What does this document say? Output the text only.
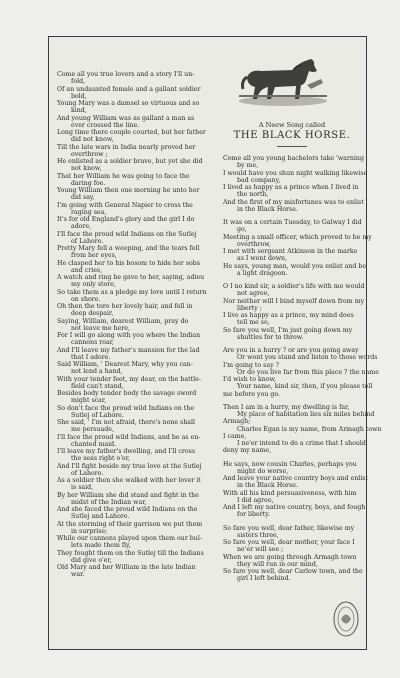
Come all you true lovers and a story I'll un-
fold,
Of an undaunted female and a gallant soldier
bold,
Young Mary was a damsel so virtuous and so
kind,
And young William was as gallant a man as
ever crossed the line.
Long time there couple courted, but her father
did not know,
Till the late wars in India nearly proved her
overthrow ;
He enlisted as a soldier brave, but yet she did
not know,
That her William he was going to face the
daring foe.
Young William then one morning he unto her
did say,
I'm going with General Napier to cross the
raging sea,
It's for old England's glory and the girl I do
adore,
I'll face the proud wild Indians on the Sutlej
of Lahore.
Pretty Mary fell a weeping, and the tears fell
from her eyes,
He clasped her to his bosom to hide her sobs
and cries,
A watch and ring he gave to her, saying, adieu
my only store,
So take them as a pledge my love until I return
on shore.
Oh then the tore her lovely hair, and fell in
deep despair,
Saying, William, dearest William, pray do
not leave me here,
For I will go along with you where the Indian
cannons roar,
And I'll leave my father's mansion for the lad
that I adore.
Said William, ' Dearest Mary, why you can-
not lend a hand,
With your tender feet, my dear, on the battle-
field can't stand,
Besides body tender body the savage sword
might scar,
So don't face the proud wild Indians on the
Sutlej of Lahore.
She said, ' I'm not afraid, there's none shall
me persuade,
I'll face the proud wild Indians, and be as en-
chanted maid.
I'll leave my father's dwelling, and I'll cross
the seas right o'er,
And I'll fight beside my true love at the Sutlej
of Lahore.
As a soldier then she walked with her lover it
is said,
By her William she did stand and fight in the
midst of the Indian war,
And she faced the proud wild Indians on the
Sutlej and Lahore.
At the storming of their garrison we put them
in surprise;
While our cannons played upon them our bul-
lets made them fly,
They fought them on the Sutlej till the Indians
did give o'er,
Old Mary and her William in the late Indian
war.
A Neew Song called
THE BLACK HORSE.
Come all you young bachelors take 'warning
by me,
I would have you shun night walking likewise
bad company,
I lived as happy as a prince when I lived in
the north,
And the first of my misfortunes was to enlist
in the Black Horse.
It was on a certain Tuesday, to Galway I did
go,
Meeting a small officer, which proved to be my
overthrow,
I met with sergeant Atkinson in the marke
as I went down,
He says, young man, would you enlist and be
a light dragoon.
O I no kind sir, a soldier's life with me would
not agree,
Nor neither will I bind myself down from my
liberty ;
I live as happy as a prince, my mind does
tell me so,
So fare you well, I'm just going down my
shuttles for to throw.
Are you in a hurry ? or are you going away
Or wont you stand and listen to those words
I'm going to say ?
Or do you live far from this place ? the name
I'd wish to know,
Your name, kind sir, then, if you please tell
me before you go.
Then I am in a hurry, my dwelling is far,
My place of habitation lies six miles behind
Armagh;
Charles Egan is my name, from Armagh town
I came,
I ne'er intend to do a crime that I should
deny my name,
He says, now cousin Charles, perhaps you
might do worse,
And leave your native country boys and enlist
in the Black Horse.
With all his kind persuasiveness, with him
I did agree,
And I left my native country, boys, and fough
for liberty.
So fare you well, dear father, likewise my
sisters three,
So fare you well, dear mother, your face I
ne'er will see ;
When we are going through Armagh town
they will run in our mind,
So fare you well, dear Carlow town, and the
girl I left behind.
